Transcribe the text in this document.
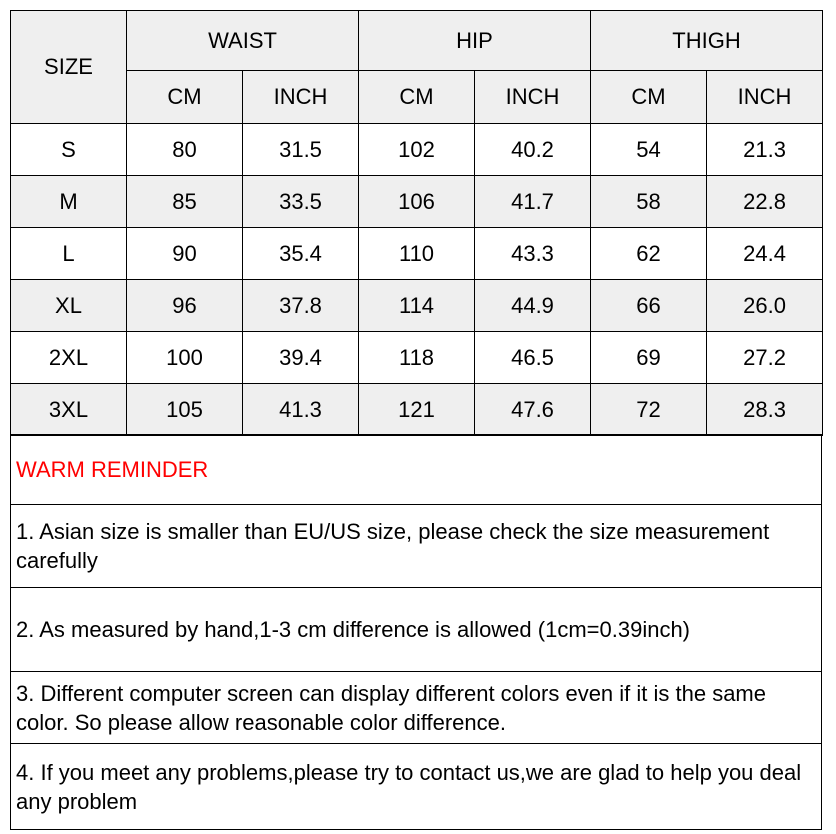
SIZE	WAIST		HIP		THIGH	
	CM	INCH	CM	INCH	CM	INCH
S	80	31.5	102	40.2	54	21.3
M	85	33.5	106	41.7	58	22.8
L	90	35.4	110	43.3	62	24.4
XL	96	37.8	114	44.9	66	26.0
2XL	100	39.4	118	46.5	69	27.2
3XL	105	41.3	121	47.6	72	28.3
WARM REMINDER
1. Asian size is smaller than EU/US size, please check the size measurement carefully
2. As measured by hand,1-3 cm difference is allowed (1cm=0.39inch)
3. Different computer screen can display different colors even if it is the same color. So please allow reasonable color difference.
4. If you meet any problems,please try to contact us,we are glad to help you deal any problem
